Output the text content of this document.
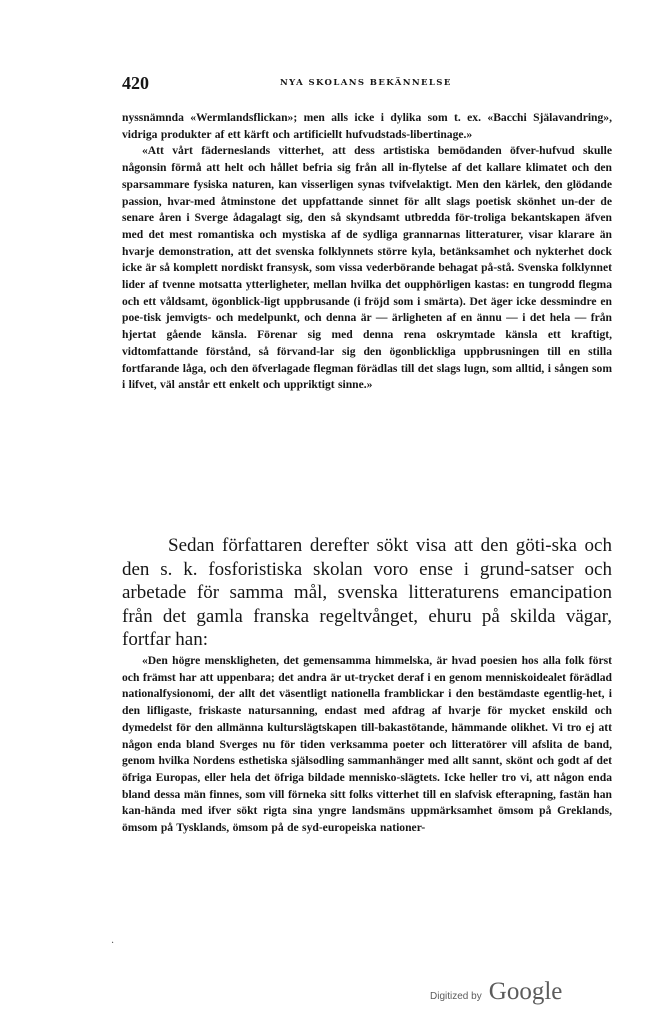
420	NYA SKOLANS BEKÄNNELSE

nyssnämnda «Wermlandsflickan»; men alls icke i dylika som t. ex. «Bacchi Själavandring», vidriga produkter af ett kärft och artificiellt hufvudstads-libertinage.»

«Att vårt fäderneslands vitterhet, att dess artistiska bemödanden öfver-hufvud skulle någonsin förmå att helt och hållet befria sig från all in-flytelse af det kallare klimatet och den sparsammare fysiska naturen, kan visserligen synas tvifvelaktigt. Men den kärlek, den glödande passion, hvar-med åtminstone det uppfattande sinnet för allt slags poetisk skönhet un-der de senare åren i Sverge ådagalagt sig, den så skyndsamt utbredda för-troliga bekantskapen äfven med det mest romantiska och mystiska af de sydliga grannarnas litteraturer, visar klarare än hvarje demonstration, att det svenska folklynnets större kyla, betänksamhet och nykterhet dock icke är så komplett nordiskt fransysk, som vissa vederbörande behagat på-stå. Svenska folklynnet lider af tvenne motsatta ytterligheter, mellan hvilka det oupphörligen kastas: en tungrodd flegma och ett våldsamt, ögonblick-ligt uppbrusande (i fröjd som i smärta). Det äger icke dessmindre en poe-tisk jemvigts- och medelpunkt, och denna är — ärligheten af en ännu — i det hela — från hjertat gående känsla. Förenar sig med denna rena oskrymtade känsla ett kraftigt, vidtomfattande förstånd, så förvand-lar sig den ögonblickliga uppbrusningen till en stilla fortfarande låga, och den öfverlagade flegman förädlas till det slags lugn, som alltid, i sången som i lifvet, väl anstår ett enkelt och uppriktigt sinne.»

Sedan författaren derefter sökt visa att den göti-ska och den s. k. fosforistiska skolan voro ense i grund-satser och arbetade för samma mål, svenska litteraturens emancipation från det gamla franska regeltvånget, ehuru på skilda vägar, fortfar han:

«Den högre menskligheten, det gemensamma himmelska, är hvad poesien hos alla folk först och främst har att uppenbara; det andra är ut-trycket deraf i en genom menniskoidealet förädlad nationalfysionomi, der allt det väsentligt nationella framblickar i den bestämdaste egentlig-het, i den lifligaste, friskaste natursanning, endast med afdrag af hvarje för mycket enskild och dymedelst för den allmänna kulturslägtskapen till-bakastötande, hämmande olikhet. Vi tro ej att någon enda bland Sverges nu för tiden verksamma poeter och litteratörer vill afslita de band, genom hvilka Nordens esthetiska själsodling sammanhänger med allt sannt, skönt och godt af det öfriga Europas, eller hela det öfriga bildade mennisko-slägtets. Icke heller tro vi, att någon enda bland dessa män finnes, som vill förneka sitt folks vitterhet till en slafvisk efterapning, fastän han kan-hända med ifver sökt rigta sina yngre landsmäns uppmärksamhet ömsom på Greklands, ömsom på Tysklands, ömsom på de syd-europeiska nationer-

·
Digitized by Google
